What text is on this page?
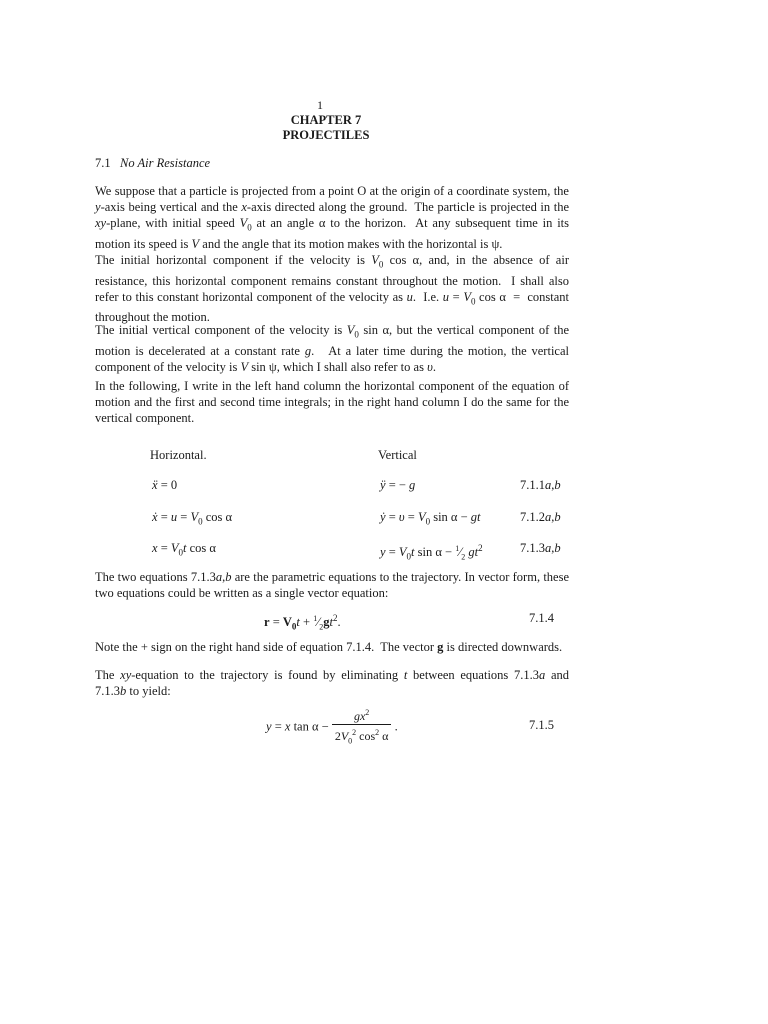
1
CHAPTER 7
PROJECTILES
7.1 No Air Resistance
We suppose that a particle is projected from a point O at the origin of a coordinate system, the y-axis being vertical and the x-axis directed along the ground.  The particle is projected in the xy-plane, with initial speed $V_0$ at an angle α to the horizon.  At any subsequent time in its motion its speed is V and the angle that its motion makes with the horizontal is ψ.
The initial horizontal component if the velocity is $V_0$ cos α, and, in the absence of air resistance, this horizontal component remains constant throughout the motion.  I shall also refer to this constant horizontal component of the velocity as u.  I.e. $u = V_0$ cos α  =  constant throughout the motion.
The initial vertical component of the velocity is $V_0$ sin α, but the vertical component of the motion is decelerated at a constant rate g.   At a later time during the motion, the vertical component of the velocity is V sin ψ, which I shall also refer to as υ.
In the following, I write in the left hand column the horizontal component of the equation of motion and the first and second time integrals; in the right hand column I do the same for the vertical component.
Horizontal.	Vertical
ẍ = 0	ÿ = − g	7.1.1a,b
ẋ = $u = V_0$ cos α	ẏ = $\upsilon = V_0$ sin α − gt	7.1.2a,b
$x = V_0t$ cos α	$y = V_0t$ $\sin \alpha - ^1⁄_2$ $gt^2$	7.1.3a,b
The two equations 7.1.3a,b are the parametric equations to the trajectory. In vector form, these two equations could be written as a single vector equation:
$r = V_0t$ + $^1⁄_2gt^2$.	7.1.4
Note the + sign on the right hand side of equation 7.1.4.  The vector g is directed downwards.
The xy-equation to the trajectory is found by eliminating t between equations 7.1.3a and 7.1.3b to yield:
y = x $\tan \alpha - \frac{gx^2}{2V_0^2 \cos^2 \alpha}$ .	7.1.5
